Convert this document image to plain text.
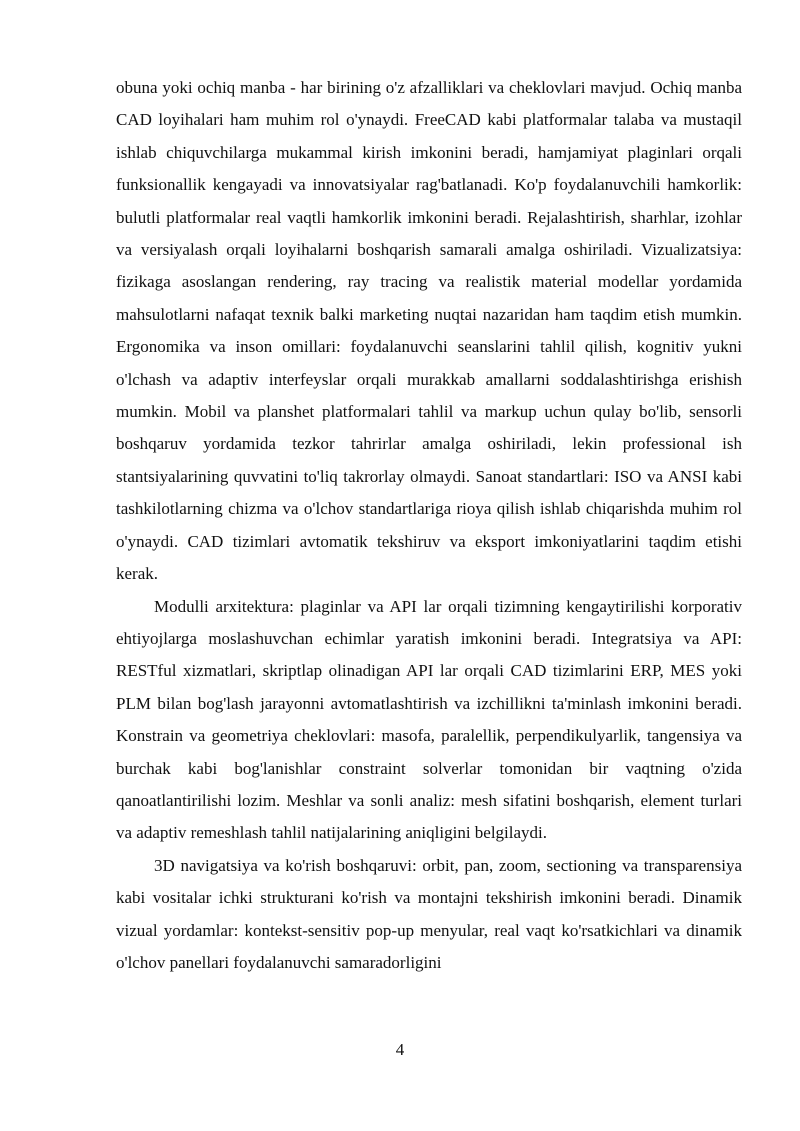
obuna yoki ochiq manba - har birining o'z afzalliklari va cheklovlari mavjud. Ochiq manba CAD loyihalari ham muhim rol o'ynaydi. FreeCAD kabi platformalar talaba va mustaqil ishlab chiquvchilarga mukammal kirish imkonini beradi, hamjamiyat plaginlari orqali funksionallik kengayadi va innovatsiyalar rag'batlanadi. Ko'p foydalanuvchili hamkorlik: bulutli platformalar real vaqtli hamkorlik imkonini beradi. Rejalashtirish, sharhlar, izohlar va versiyalash orqali loyihalarni boshqarish samarali amalga oshiriladi. Vizualizatsiya: fizikaga asoslangan rendering, ray tracing va realistik material modellar yordamida mahsulotlarni nafaqat texnik balki marketing nuqtai nazaridan ham taqdim etish mumkin. Ergonomika va inson omillari: foydalanuvchi seanslarini tahlil qilish, kognitiv yukni o'lchash va adaptiv interfeyslar orqali murakkab amallarni soddalashtirishga erishish mumkin. Mobil va planshet platformalari tahlil va markup uchun qulay bo'lib, sensorli boshqaruv yordamida tezkor tahrirlar amalga oshiriladi, lekin professional ish stantsiyalarining quvvatini to'liq takrorlay olmaydi. Sanoat standartlari: ISO va ANSI kabi tashkilotlarning chizma va o'lchov standartlariga rioya qilish ishlab chiqarishda muhim rol o'ynaydi. CAD tizimlari avtomatik tekshiruv va eksport imkoniyatlarini taqdim etishi kerak.

Modulli arxitektura: plaginlar va API lar orqali tizimning kengaytirilishi korporativ ehtiyojlarga moslashuvchan echimlar yaratish imkonini beradi. Integratsiya va API: RESTful xizmatlari, skriptlap olinadigan API lar orqali CAD tizimlarini ERP, MES yoki PLM bilan bog'lash jarayonni avtomatlashtirish va izchillikni ta'minlash imkonini beradi. Konstrain va geometriya cheklovlari: masofa, paralellik, perpendikulyarlik, tangensiya va burchak kabi bog'lanishlar constraint solverlar tomonidan bir vaqtning o'zida qanoatlantirilishi lozim. Meshlar va sonli analiz: mesh sifatini boshqarish, element turlari va adaptiv remeshlash tahlil natijalarining aniqligini belgilaydi.

3D navigatsiya va ko'rish boshqaruvi: orbit, pan, zoom, sectioning va transparensiya kabi vositalar ichki strukturani ko'rish va montajni tekshirish imkonini beradi. Dinamik vizual yordamlar: kontekst-sensitiv pop-up menyular, real vaqt ko'rsatkichlari va dinamik o'lchov panellari foydalanuvchi samaradorligini

4
